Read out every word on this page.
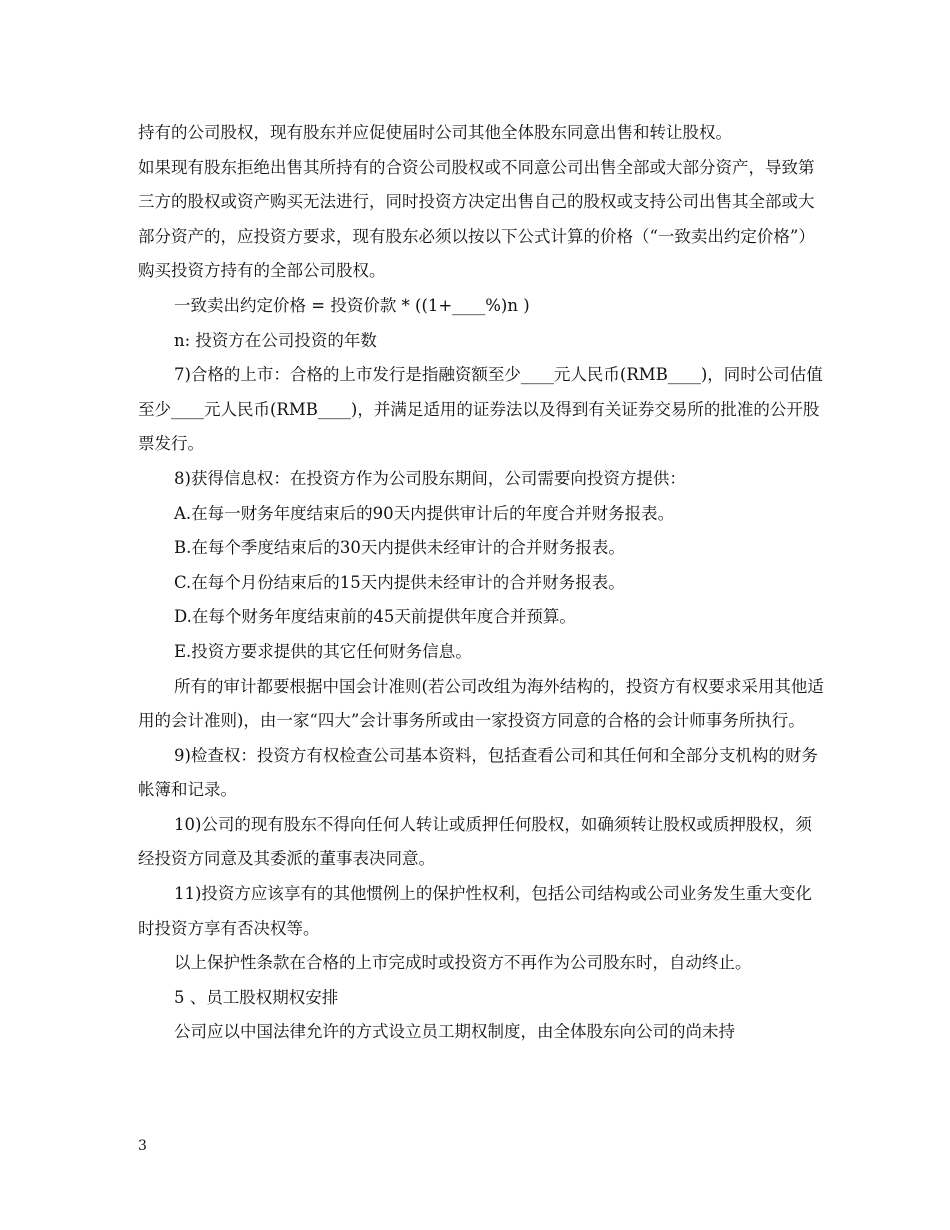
持有的公司股权，现有股东并应促使届时公司其他全体股东同意出售和转让股权。

如果现有股东拒绝出售其所持有的合资公司股权或不同意公司出售全部或大部分资产，导致第三方的股权或资产购买无法进行，同时投资方决定出售自己的股权或支持公司出售其全部或大部分资产的，应投资方要求，现有股东必须以按以下公式计算的价格（“一致卖出约定价格”）购买投资方持有的全部公司股权。

一致卖出约定价格 = 投资价款 * ((1+____%)n )

n: 投资方在公司投资的年数

7)合格的上市：合格的上市发行是指融资额至少____元人民币(RMB____)，同时公司估值至少____元人民币(RMB____)，并满足适用的证券法以及得到有关证券交易所的批准的公开股票发行。

8)获得信息权：在投资方作为公司股东期间，公司需要向投资方提供：

A.在每一财务年度结束后的90天内提供审计后的年度合并财务报表。

B.在每个季度结束后的30天内提供未经审计的合并财务报表。

C.在每个月份结束后的15天内提供未经审计的合并财务报表。

D.在每个财务年度结束前的45天前提供年度合并预算。

E.投资方要求提供的其它任何财务信息。

所有的审计都要根据中国会计准则(若公司改组为海外结构的，投资方有权要求采用其他适用的会计准则)，由一家“四大”会计事务所或由一家投资方同意的合格的会计师事务所执行。

9)检查权：投资方有权检查公司基本资料，包括查看公司和其任何和全部分支机构的财务帐簿和记录。

10)公司的现有股东不得向任何人转让或质押任何股权，如确须转让股权或质押股权，须经投资方同意及其委派的董事表决同意。

11)投资方应该享有的其他惯例上的保护性权利，包括公司结构或公司业务发生重大变化时投资方享有否决权等。

以上保护性条款在合格的上市完成时或投资方不再作为公司股东时，自动终止。

5 、员工股权期权安排

公司应以中国法律允许的方式设立员工期权制度，由全体股东向公司的尚未持

3
